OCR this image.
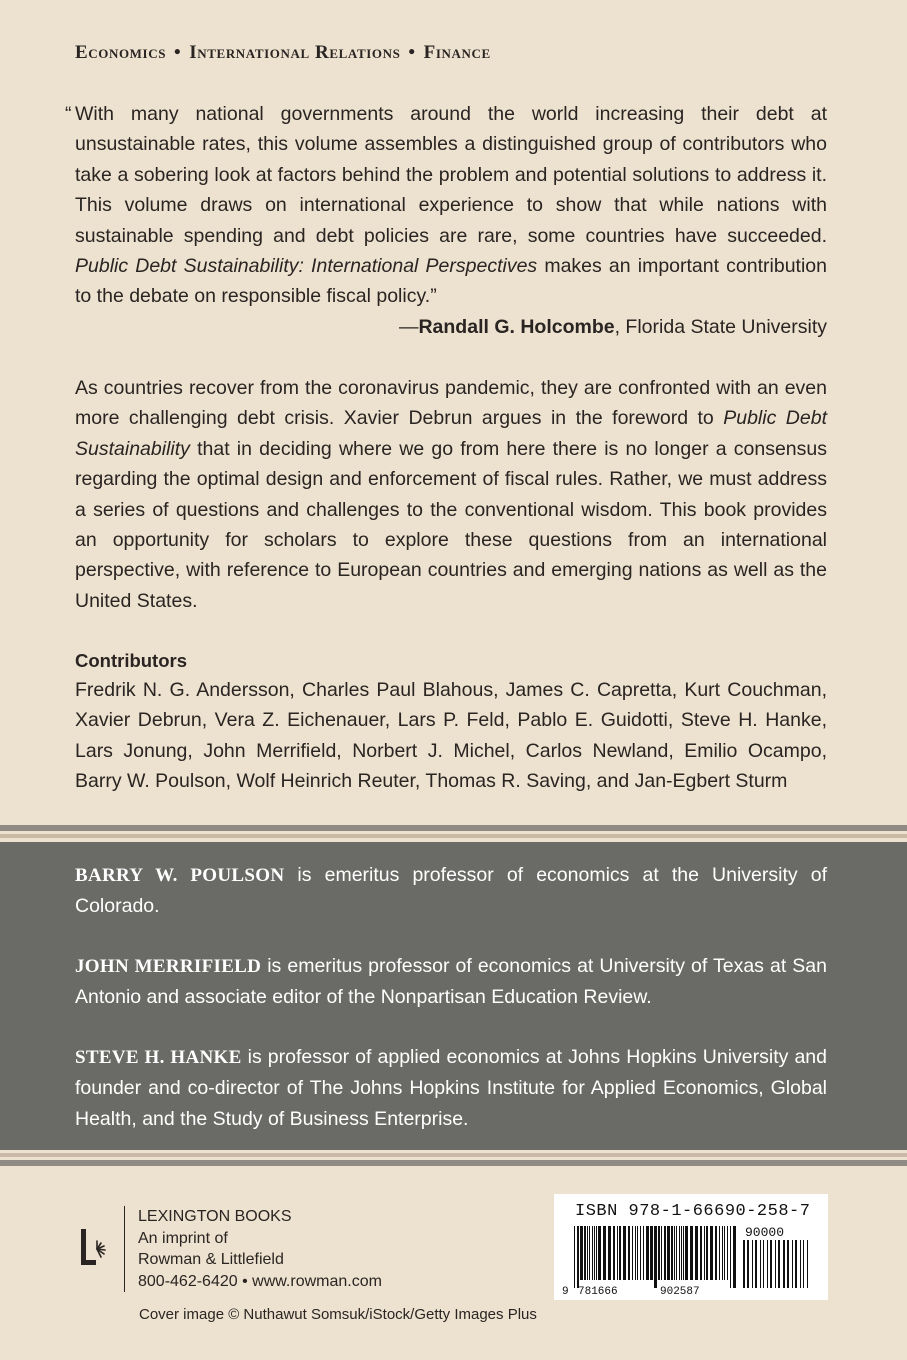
Economics • International Relations • Finance
“ With many national governments around the world increasing their debt at unsustainable rates, this volume assembles a distinguished group of contributors who take a sobering look at factors behind the problem and potential solutions to address it. This volume draws on international experience to show that while nations with sustainable spending and debt policies are rare, some countries have succeeded. Public Debt Sustainability: International Perspectives makes an important contribution to the debate on responsible fiscal policy.”
—Randall G. Holcombe, Florida State University
As countries recover from the coronavirus pandemic, they are confronted with an even more challenging debt crisis. Xavier Debrun argues in the foreword to Public Debt Sustainability that in deciding where we go from here there is no longer a consensus regarding the optimal design and enforcement of fiscal rules. Rather, we must address a series of questions and challenges to the conventional wisdom. This book provides an opportunity for scholars to explore these questions from an international perspective, with reference to European countries and emerging nations as well as the United States.
Contributors
Fredrik N. G. Andersson, Charles Paul Blahous, James C. Capretta, Kurt Couchman, Xavier Debrun, Vera Z. Eichenauer, Lars P. Feld, Pablo E. Guidotti, Steve H. Hanke, Lars Jonung, John Merrifield, Norbert J. Michel, Carlos Newland, Emilio Ocampo, Barry W. Poulson, Wolf Heinrich Reuter, Thomas R. Saving, and Jan-Egbert Sturm
BARRY W. POULSON is emeritus professor of economics at the University of Colorado.
JOHN MERRIFIELD is emeritus professor of economics at University of Texas at San Antonio and associate editor of the Nonpartisan Education Review.
STEVE H. HANKE is professor of applied economics at Johns Hopkins University and founder and co-director of The Johns Hopkins Institute for Applied Economics, Global Health, and the Study of Business Enterprise.
LEXINGTON BOOKS
An imprint of
Rowman & Littlefield
800-462-6420 • www.rowman.com
Cover image © Nuthawut Somsuk/iStock/Getty Images Plus
ISBN 978-1-66690-258-7
9 781666	902587
90000
